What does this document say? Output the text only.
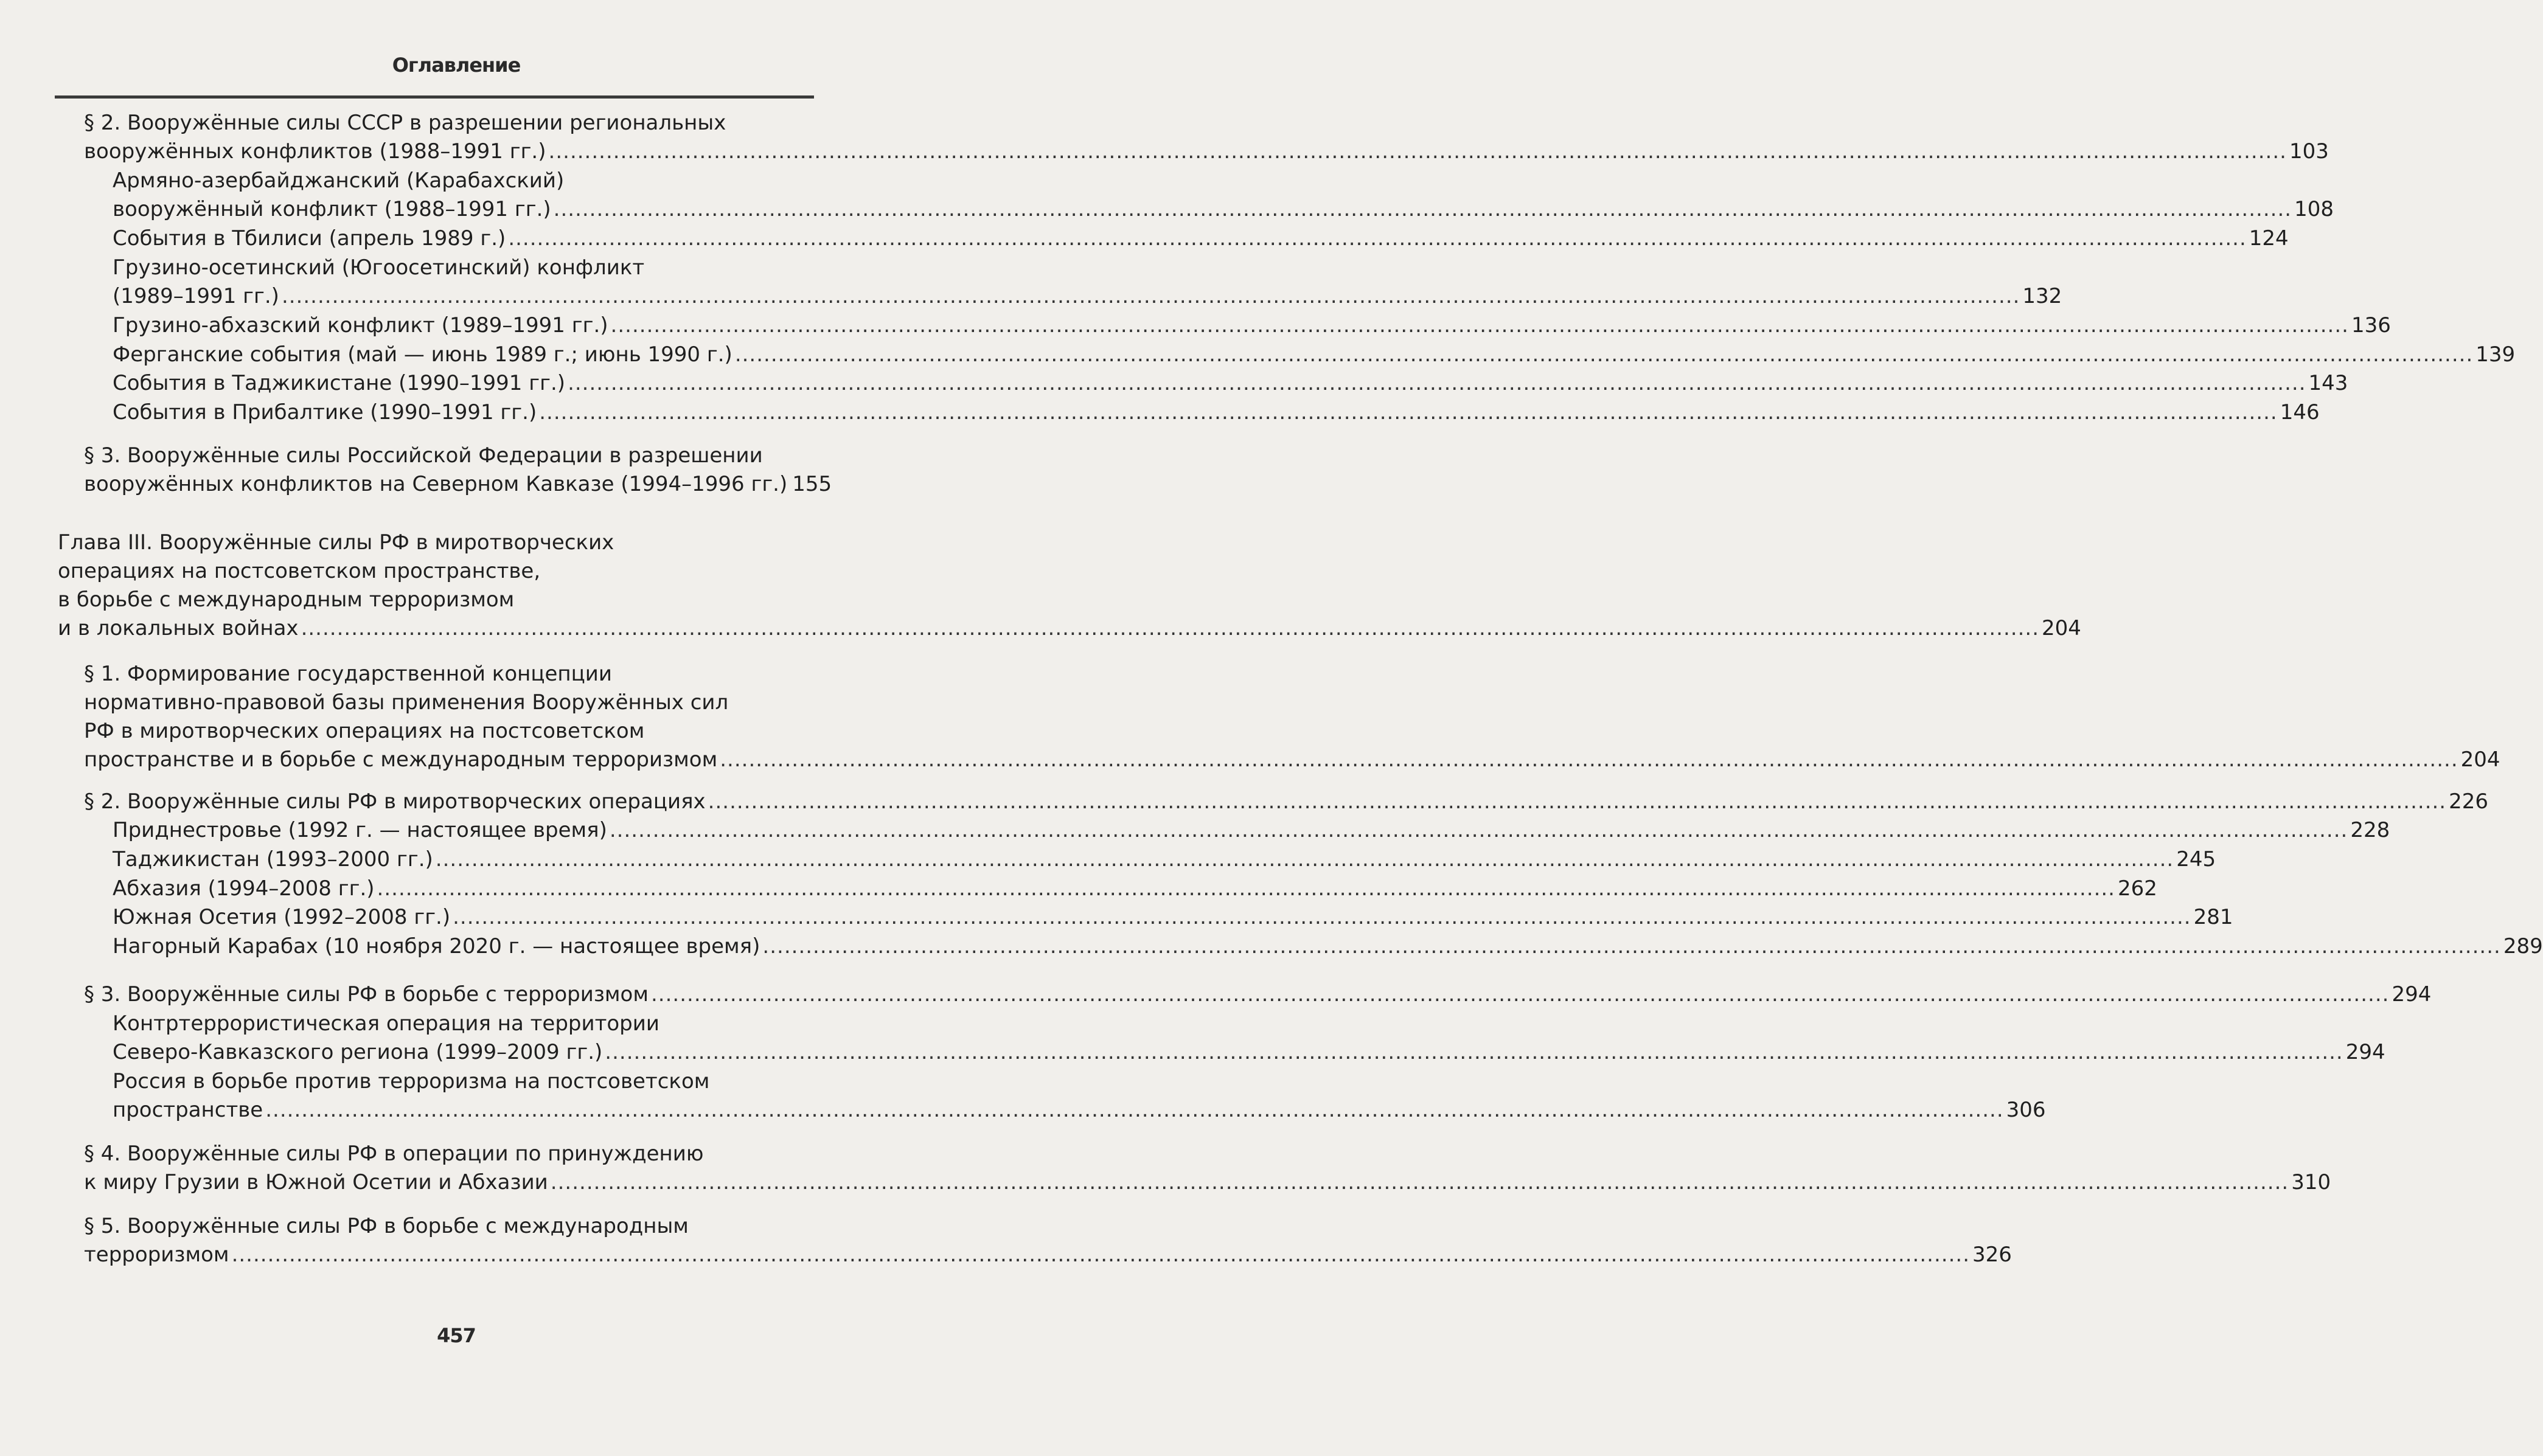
Оглавление
§ 2. Вооружённые силы СССР в разрешении региональных
вооружённых конфликтов (1988–1991 гг.) .....	103
Армяно-азербайджанский (Карабахский)
вооружённый конфликт (1988–1991 гг.) .....	108
События в Тбилиси (апрель 1989 г.) .....	124
Грузино-осетинский (Югоосетинский) конфликт
(1989–1991 гг.) .....	132
Грузино-абхазский конфликт (1989–1991 гг.) .....	136
Ферганские события (май — июнь 1989 г.; июнь 1990 г.) .....	139
События в Таджикистане (1990–1991 гг.) .....	143
События в Прибалтике (1990–1991 гг.) .....	146
§ 3. Вооружённые силы Российской Федерации в разрешении
вооружённых конфликтов на Северном Кавказе (1994–1996 гг.) 155
Глава III. Вооружённые силы РФ в миротворческих
операциях на постсоветском пространстве,
в борьбе с международным терроризмом
и в локальных войнах .....	204
§ 1. Формирование государственной концепции
нормативно-правовой базы применения Вооружённых сил
РФ в миротворческих операциях на постсоветском
пространстве и в борьбе с международным терроризмом .....	204
§ 2. Вооружённые силы РФ в миротворческих операциях .....	226
Приднестровье (1992 г. — настоящее время) .....	228
Таджикистан (1993–2000 гг.) .....	245
Абхазия (1994–2008 гг.) .....	262
Южная Осетия (1992–2008 гг.) .....	281
Нагорный Карабах (10 ноября 2020 г. — настоящее время) .....	289
§ 3. Вооружённые силы РФ в борьбе с терроризмом .....	294
Контртеррористическая операция на территории
Северо-Кавказского региона (1999–2009 гг.) .....	294
Россия в борьбе против терроризма на постсоветском
пространстве .....	306
§ 4. Вооружённые силы РФ в операции по принуждению
к миру Грузии в Южной Осетии и Абхазии .....	310
§ 5. Вооружённые силы РФ в борьбе с международным
терроризмом .....	326
457
